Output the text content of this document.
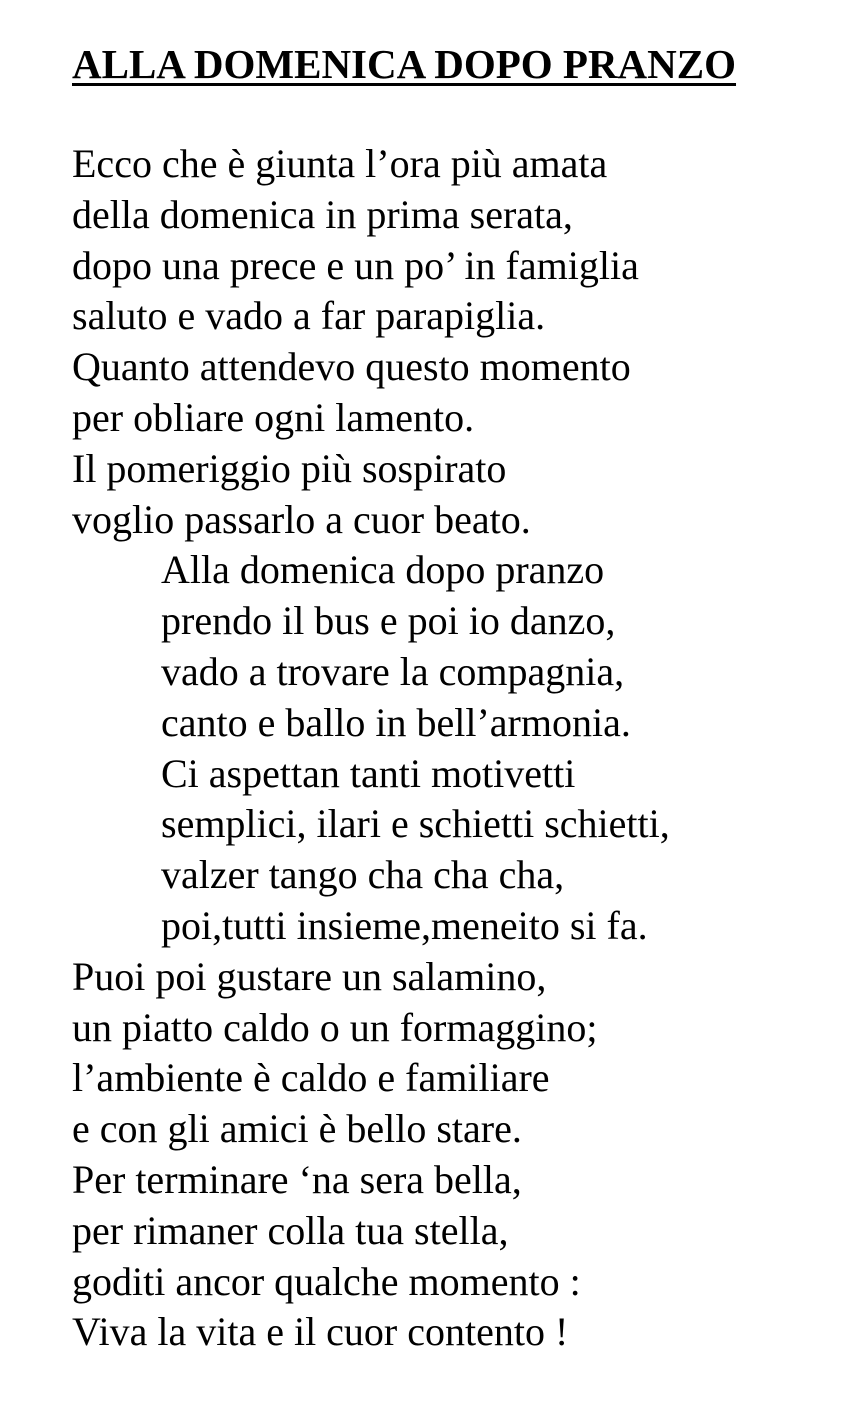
ALLA DOMENICA DOPO PRANZO
Ecco che è giunta l’ora più amata
della domenica in prima serata,
dopo una prece e un po’ in famiglia
saluto e vado a far parapiglia.
Quanto attendevo questo momento
per obliare ogni lamento.
Il pomeriggio più sospirato
voglio passarlo a cuor beato.
Alla domenica dopo pranzo
prendo il bus e poi io danzo,
vado a trovare la compagnia,
canto e ballo in bell’armonia.
Ci aspettan tanti motivetti
semplici, ilari e schietti schietti,
valzer tango cha cha cha,
poi,tutti insieme,meneito si fa.
Puoi poi gustare un salamino,
un piatto caldo o un formaggino;
l’ambiente è caldo e familiare
e con gli amici è bello stare.
Per terminare ‘na sera bella,
per rimaner colla tua stella,
goditi ancor qualche momento :
Viva la vita e il cuor contento !
